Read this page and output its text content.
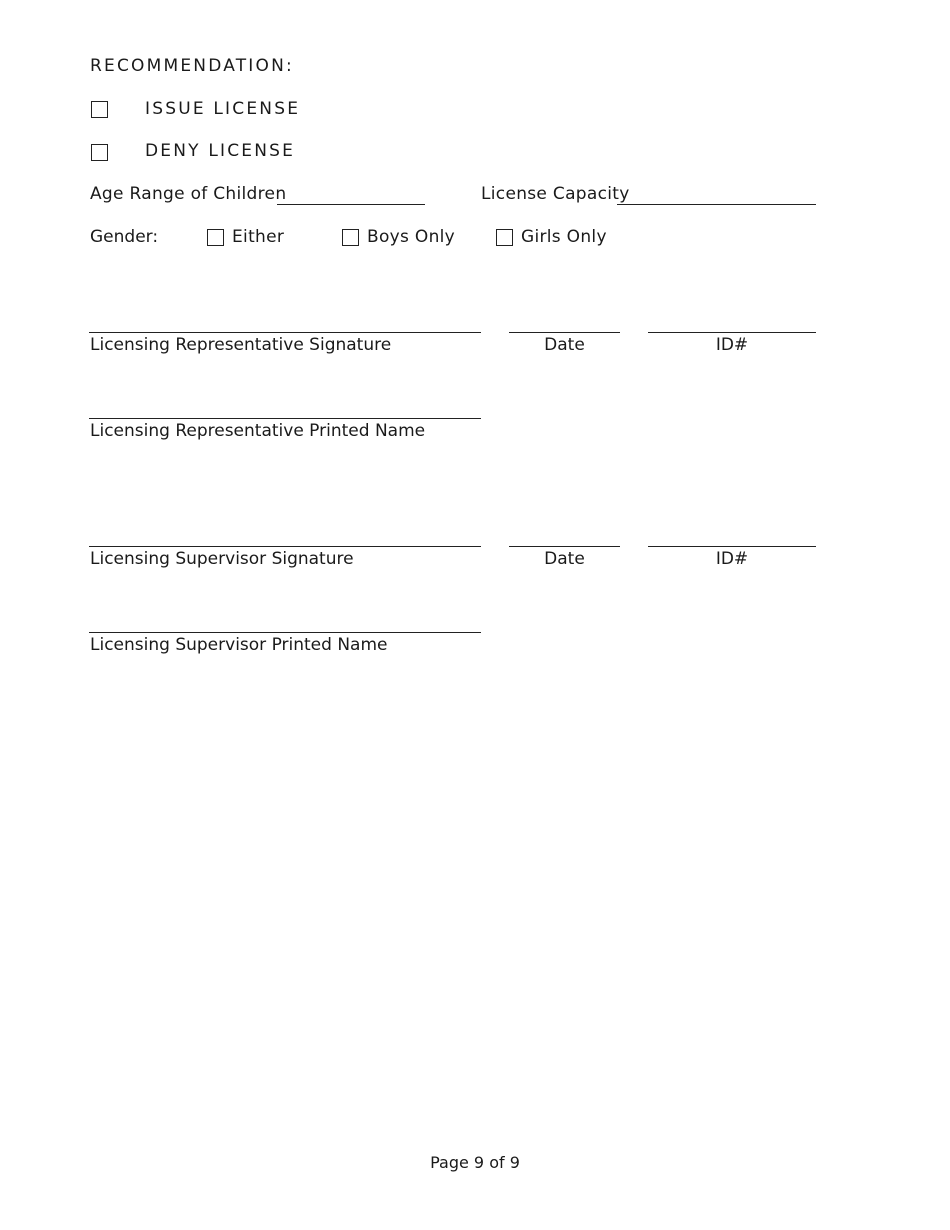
RECOMMENDATION:
ISSUE LICENSE
DENY LICENSE
Age Range of Children	License Capacity
Gender:	Either	Boys Only	Girls Only
Licensing Representative Signature	Date	ID#
Licensing Representative Printed Name
Licensing Supervisor Signature	Date	ID#
Licensing Supervisor Printed Name
Page 9 of 9
